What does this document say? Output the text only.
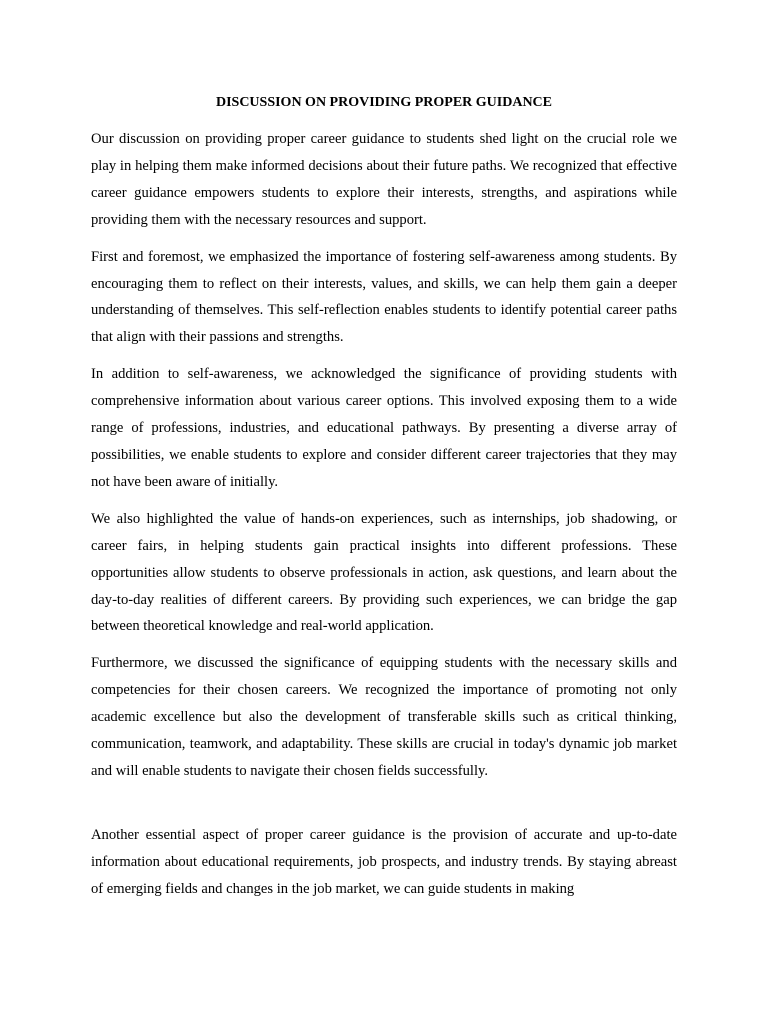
DISCUSSION ON PROVIDING PROPER GUIDANCE

Our discussion on providing proper career guidance to students shed light on the crucial role we play in helping them make informed decisions about their future paths. We recognized that effective career guidance empowers students to explore their interests, strengths, and aspirations while providing them with the necessary resources and support.

First and foremost, we emphasized the importance of fostering self-awareness among students. By encouraging them to reflect on their interests, values, and skills, we can help them gain a deeper understanding of themselves. This self-reflection enables students to identify potential career paths that align with their passions and strengths.

In addition to self-awareness, we acknowledged the significance of providing students with comprehensive information about various career options. This involved exposing them to a wide range of professions, industries, and educational pathways. By presenting a diverse array of possibilities, we enable students to explore and consider different career trajectories that they may not have been aware of initially.

We also highlighted the value of hands-on experiences, such as internships, job shadowing, or career fairs, in helping students gain practical insights into different professions. These opportunities allow students to observe professionals in action, ask questions, and learn about the day-to-day realities of different careers. By providing such experiences, we can bridge the gap between theoretical knowledge and real-world application.

Furthermore, we discussed the significance of equipping students with the necessary skills and competencies for their chosen careers. We recognized the importance of promoting not only academic excellence but also the development of transferable skills such as critical thinking, communication, teamwork, and adaptability. These skills are crucial in today's dynamic job market and will enable students to navigate their chosen fields successfully.

Another essential aspect of proper career guidance is the provision of accurate and up-to-date information about educational requirements, job prospects, and industry trends. By staying abreast of emerging fields and changes in the job market, we can guide students in making
